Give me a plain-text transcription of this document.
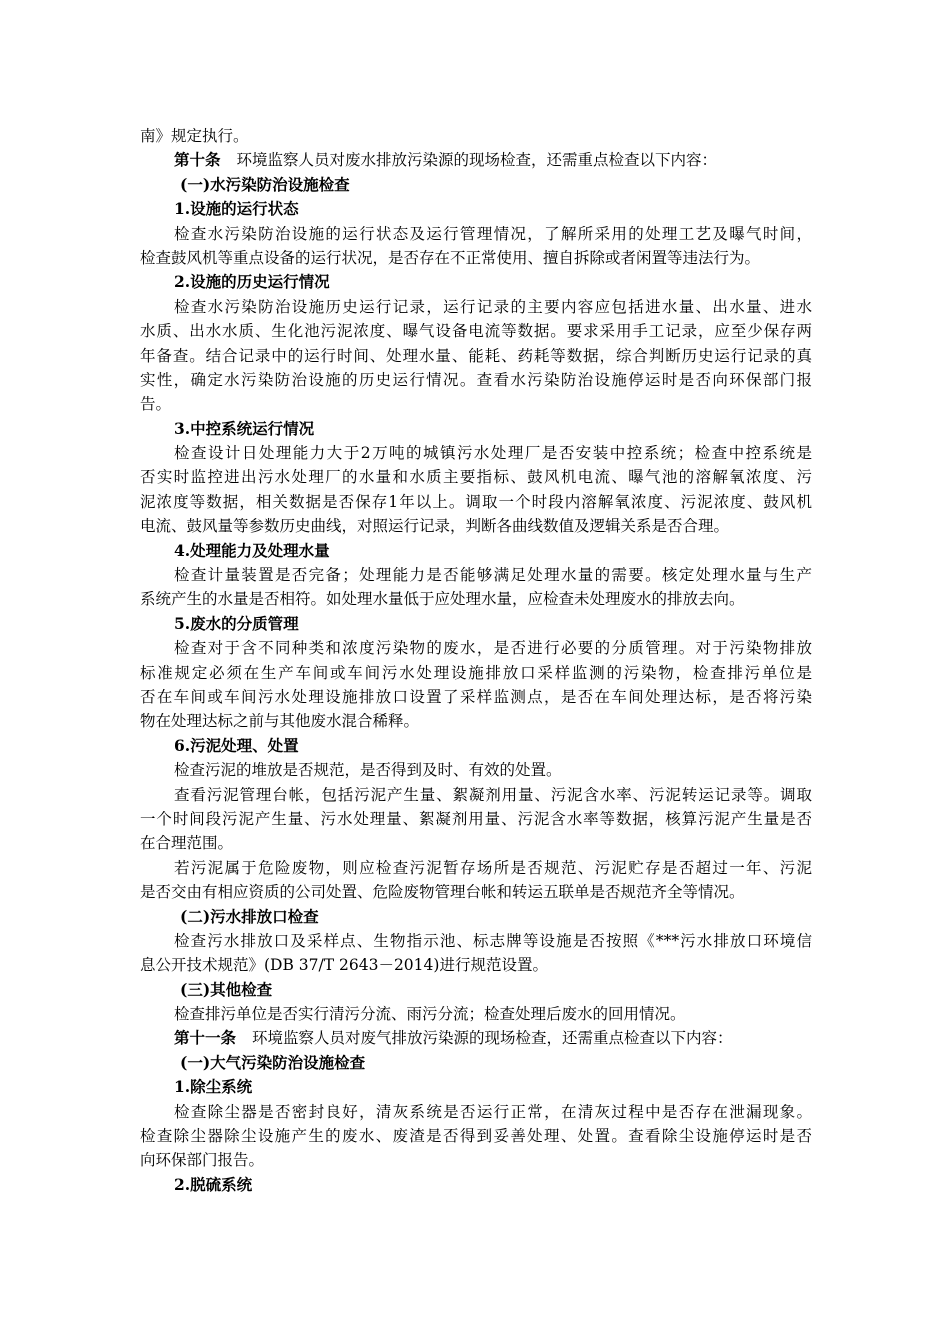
南》规定执行。
第十条 环境监察人员对废水排放污染源的现场检查，还需重点检查以下内容：
(一)水污染防治设施检查
1.设施的运行状态
检查水污染防治设施的运行状态及运行管理情况，了解所采用的处理工艺及曝气时间，
检查鼓风机等重点设备的运行状况，是否存在不正常使用、擅自拆除或者闲置等违法行为。
2.设施的历史运行情况
检查水污染防治设施历史运行记录，运行记录的主要内容应包括进水量、出水量、进水
水质、出水水质、生化池污泥浓度、曝气设备电流等数据。要求采用手工记录，应至少保存两
年备查。结合记录中的运行时间、处理水量、能耗、药耗等数据，综合判断历史运行记录的真
实性，确定水污染防治设施的历史运行情况。查看水污染防治设施停运时是否向环保部门报
告。
3.中控系统运行情况
检查设计日处理能力大于2万吨的城镇污水处理厂是否安装中控系统；检查中控系统是
否实时监控进出污水处理厂的水量和水质主要指标、鼓风机电流、曝气池的溶解氧浓度、污
泥浓度等数据，相关数据是否保存1年以上。调取一个时段内溶解氧浓度、污泥浓度、鼓风机
电流、鼓风量等参数历史曲线，对照运行记录，判断各曲线数值及逻辑关系是否合理。
4.处理能力及处理水量
检查计量装置是否完备；处理能力是否能够满足处理水量的需要。核定处理水量与生产
系统产生的水量是否相符。如处理水量低于应处理水量，应检查未处理废水的排放去向。
5.废水的分质管理
检查对于含不同种类和浓度污染物的废水，是否进行必要的分质管理。对于污染物排放
标准规定必须在生产车间或车间污水处理设施排放口采样监测的污染物，检查排污单位是
否在车间或车间污水处理设施排放口设置了采样监测点，是否在车间处理达标，是否将污染
物在处理达标之前与其他废水混合稀释。
6.污泥处理、处置
检查污泥的堆放是否规范，是否得到及时、有效的处置。
查看污泥管理台帐，包括污泥产生量、絮凝剂用量、污泥含水率、污泥转运记录等。调取
一个时间段污泥产生量、污水处理量、絮凝剂用量、污泥含水率等数据，核算污泥产生量是否
在合理范围。
若污泥属于危险废物，则应检查污泥暂存场所是否规范、污泥贮存是否超过一年、污泥
是否交由有相应资质的公司处置、危险废物管理台帐和转运五联单是否规范齐全等情况。
(二)污水排放口检查
检查污水排放口及采样点、生物指示池、标志牌等设施是否按照《***污水排放口环境信
息公开技术规范》(DB 37/T 2643－2014)进行规范设置。
(三)其他检查
检查排污单位是否实行清污分流、雨污分流；检查处理后废水的回用情况。
第十一条 环境监察人员对废气排放污染源的现场检查，还需重点检查以下内容：
(一)大气污染防治设施检查
1.除尘系统
检查除尘器是否密封良好，清灰系统是否运行正常，在清灰过程中是否存在泄漏现象。
检查除尘器除尘设施产生的废水、废渣是否得到妥善处理、处置。查看除尘设施停运时是否
向环保部门报告。
2.脱硫系统
